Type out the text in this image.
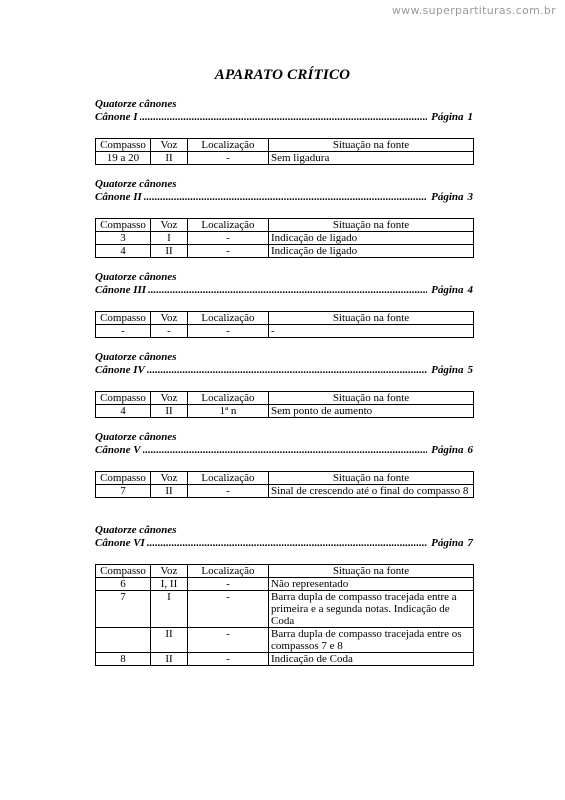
www.superpartituras.com.br
APARATO CRÍTICO
Quatorze cânones
Cânone I .....	Página 1
Compasso	Voz	Localização	Situação na fonte
19 a 20	II	-	Sem ligadura
Quatorze cânones
Cânone II .....	Página 3
Compasso	Voz	Localização	Situação na fonte
3	I	-	Indicação de ligado
4	II	-	Indicação de ligado
Quatorze cânones
Cânone III .....	Página 4
Compasso	Voz	Localização	Situação na fonte
-	-	-	-
Quatorze cânones
Cânone IV .....	Página 5
Compasso	Voz	Localização	Situação na fonte
4	II	1ª n	Sem ponto de aumento
Quatorze cânones
Cânone V .....	Página 6
Compasso	Voz	Localização	Situação na fonte
7	II	-	Sinal de crescendo até o final do compasso 8
Quatorze cânones
Cânone VI .....	Página 7
Compasso	Voz	Localização	Situação na fonte
6	I, II	-	Não representado
7	I	-	Barra dupla de compasso tracejada entre a primeira e a segunda notas. Indicação de Coda
	II	-	Barra dupla de compasso tracejada entre os compassos 7 e 8
8	II	-	Indicação de Coda
